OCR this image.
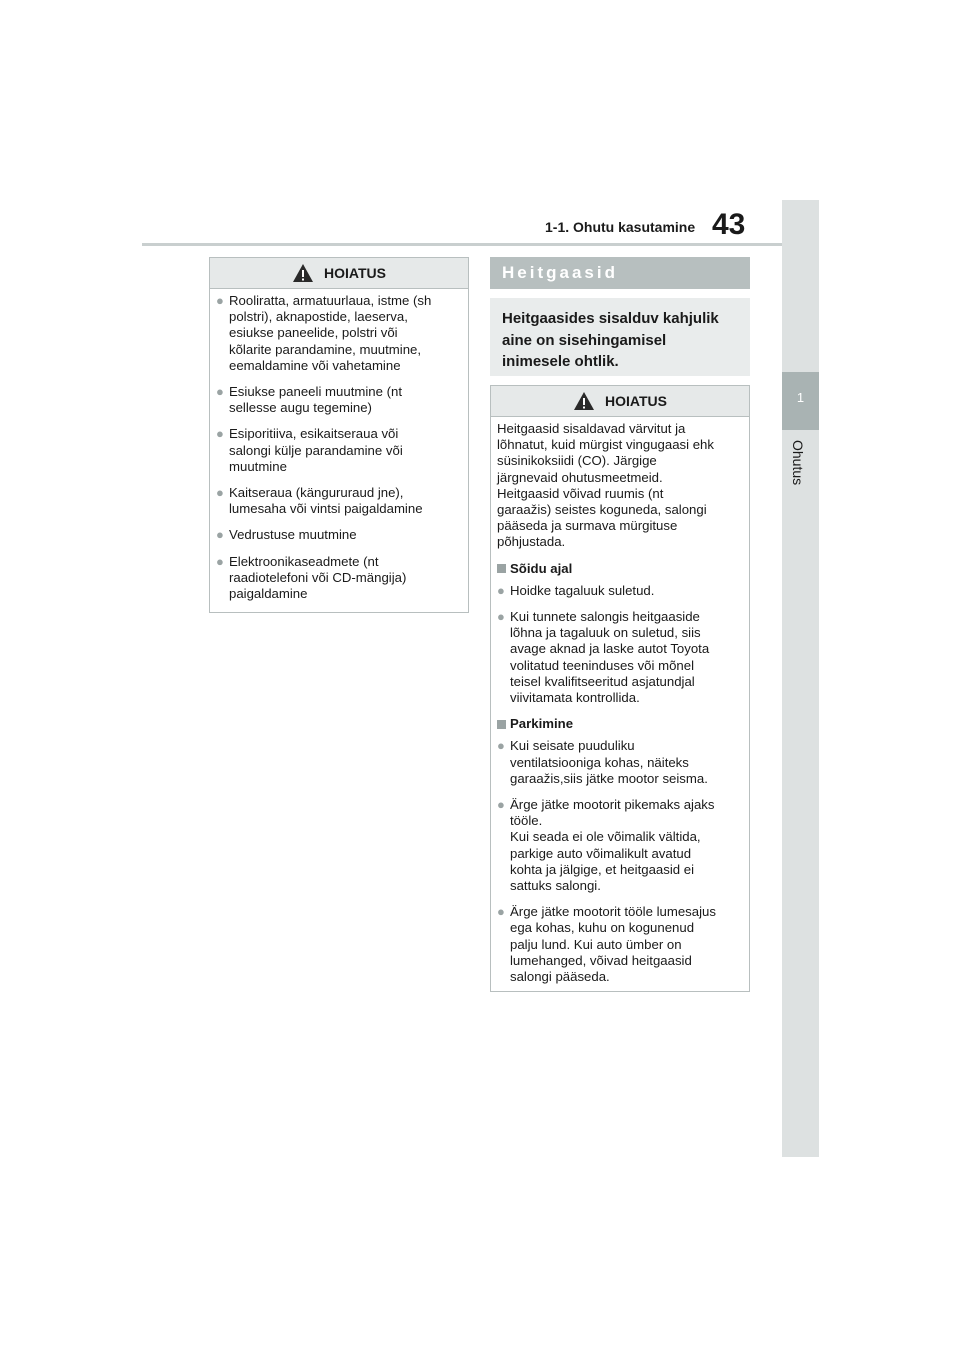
1-1. Ohutu kasutamine 43
1
Ohutus
HOIATUS
● Rooliratta, armatuurlaua, istme (sh
polstri), aknapostide, laeserva,
esiukse paneelide, polstri või
kõlarite parandamine, muutmine,
eemaldamine või vahetamine
● Esiukse paneeli muutmine (nt
sellesse augu tegemine)
● Esiporitiiva, esikaitseraua või
salongi külje parandamine või
muutmine
● Kaitseraua (kängururaud jne),
lumesaha või vintsi paigaldamine
● Vedrustuse muutmine
● Elektroonikaseadmete (nt
raadiotelefoni või CD-mängija)
paigaldamine
Heitgaasid
Heitgaasides sisalduv kahjulik
aine on sisehingamisel
inimesele ohtlik.
HOIATUS
Heitgaasid sisaldavad värvitut ja
lõhnatut, kuid mürgist vingugaasi ehk
süsinikoksiidi (CO). Järgige
järgnevaid ohutusmeetmeid.
Heitgaasid võivad ruumis (nt
garaažis) seistes koguneda, salongi
pääseda ja surmava mürgituse
põhjustada.
Sõidu ajal
● Hoidke tagaluuk suletud.
● Kui tunnete salongis heitgaaside
lõhna ja tagaluuk on suletud, siis
avage aknad ja laske autot Toyota
volitatud teeninduses või mõnel
teisel kvalifitseeritud asjatundjal
viivitamata kontrollida.
Parkimine
● Kui seisate puuduliku
ventilatsiooniga kohas, näiteks
garaažis,siis jätke mootor seisma.
● Ärge jätke mootorit pikemaks ajaks
tööle.
Kui seada ei ole võimalik vältida,
parkige auto võimalikult avatud
kohta ja jälgige, et heitgaasid ei
sattuks salongi.
● Ärge jätke mootorit tööle lumesajus
ega kohas, kuhu on kogunenud
palju lund. Kui auto ümber on
lumehanged, võivad heitgaasid
salongi pääseda.
